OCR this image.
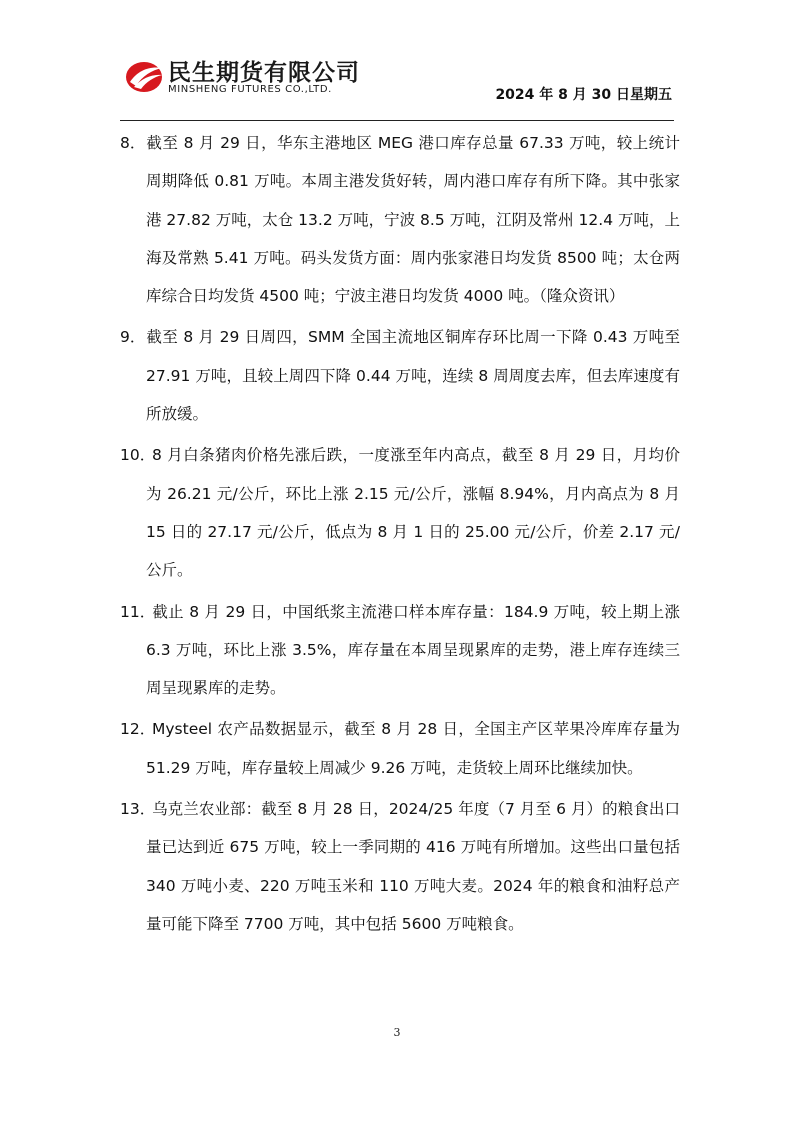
民生期货有限公司
MINSHENG FUTURES CO.,LTD.	2024 年 8 月 30 日星期五

8．截至 8 月 29 日，华东主港地区 MEG 港口库存总量 67.33 万吨，较上统计周期降低 0.81 万吨。本周主港发货好转，周内港口库存有所下降。其中张家港 27.82 万吨，太仓 13.2 万吨，宁波 8.5 万吨，江阴及常州 12.4 万吨，上海及常熟 5.41 万吨。码头发货方面：周内张家港日均发货 8500 吨；太仓两库综合日均发货 4500 吨；宁波主港日均发货 4000 吨。（隆众资讯）

9．截至 8 月 29 日周四，SMM 全国主流地区铜库存环比周一下降 0.43 万吨至 27.91 万吨，且较上周四下降 0.44 万吨，连续 8 周周度去库，但去库速度有所放缓。

10．8 月白条猪肉价格先涨后跌，一度涨至年内高点，截至 8 月 29 日，月均价为 26.21 元/公斤，环比上涨 2.15 元/公斤，涨幅 8.94%，月内高点为 8 月 15 日的 27.17 元/公斤，低点为 8 月 1 日的 25.00 元/公斤，价差 2.17 元/公斤。

11．截止 8 月 29 日，中国纸浆主流港口样本库存量：184.9 万吨，较上期上涨 6.3 万吨，环比上涨 3.5%，库存量在本周呈现累库的走势，港上库存连续三周呈现累库的走势。

12．Mysteel 农产品数据显示，截至 8 月 28 日，全国主产区苹果冷库库存量为 51.29 万吨，库存量较上周减少 9.26 万吨，走货较上周环比继续加快。

13．乌克兰农业部：截至 8 月 28 日，2024/25 年度（7 月至 6 月）的粮食出口量已达到近 675 万吨，较上一季同期的 416 万吨有所增加。这些出口量包括 340 万吨小麦、220 万吨玉米和 110 万吨大麦。2024 年的粮食和油籽总产量可能下降至 7700 万吨，其中包括 5600 万吨粮食。

3
